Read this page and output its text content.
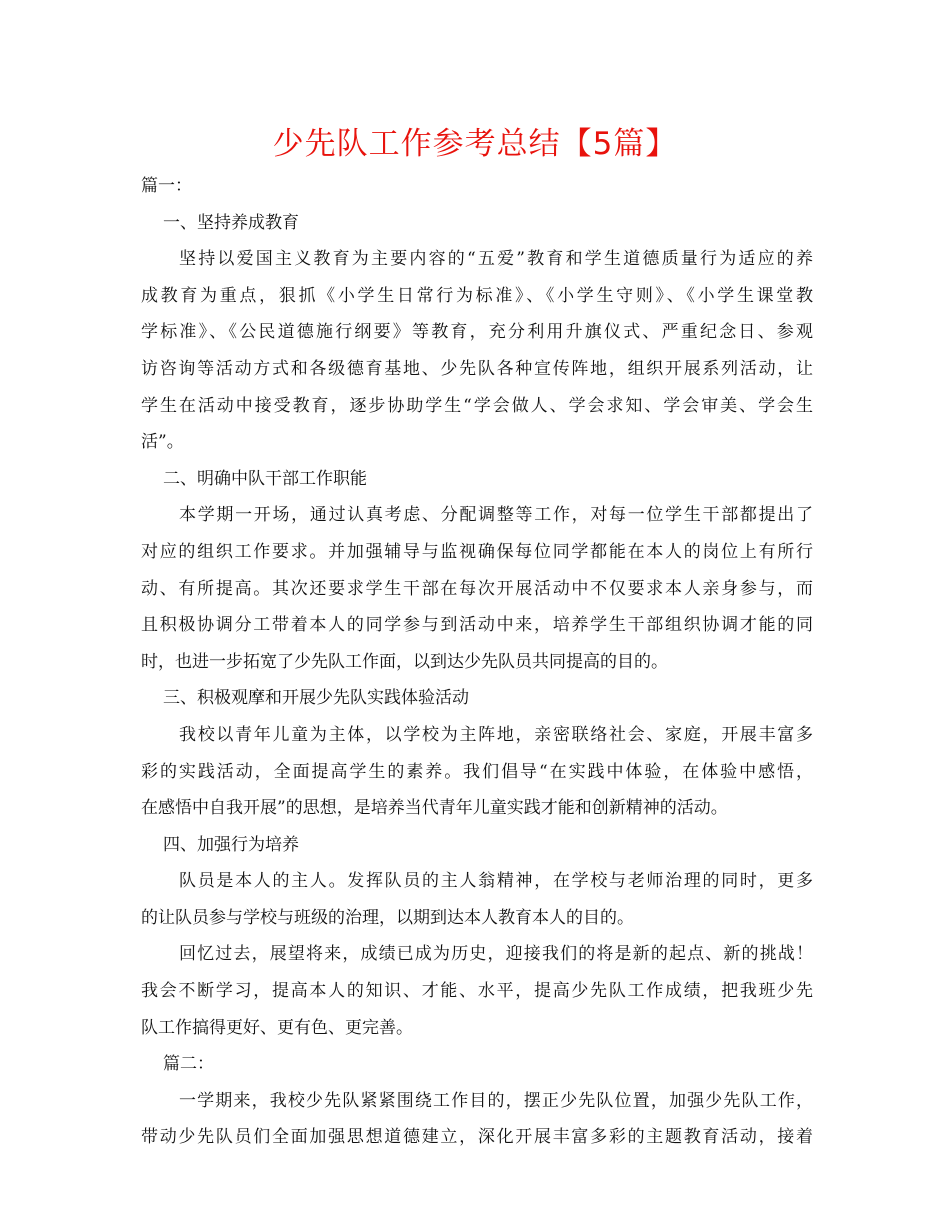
少先队工作参考总结【5篇】

篇一：

一、坚持养成教育

坚持以爱国主义教育为主要内容的“五爱”教育和学生道德质量行为适应的养

成教育为重点，狠抓《小学生日常行为标准》、《小学生守则》、《小学生课堂教

学标准》、《公民道德施行纲要》等教育，充分利用升旗仪式、严重纪念日、参观

访咨询等活动方式和各级德育基地、少先队各种宣传阵地，组织开展系列活动，让

学生在活动中接受教育，逐步协助学生“学会做人、学会求知、学会审美、学会生

活”。

二、明确中队干部工作职能

本学期一开场，通过认真考虑、分配调整等工作，对每一位学生干部都提出了

对应的组织工作要求。并加强辅导与监视确保每位同学都能在本人的岗位上有所行

动、有所提高。其次还要求学生干部在每次开展活动中不仅要求本人亲身参与，而

且积极协调分工带着本人的同学参与到活动中来，培养学生干部组织协调才能的同

时，也进一步拓宽了少先队工作面，以到达少先队员共同提高的目的。

三、积极观摩和开展少先队实践体验活动

我校以青年儿童为主体，以学校为主阵地，亲密联络社会、家庭，开展丰富多

彩的实践活动，全面提高学生的素养。我们倡导“在实践中体验，在体验中感悟，

在感悟中自我开展”的思想，是培养当代青年儿童实践才能和创新精神的活动。

四、加强行为培养

队员是本人的主人。发挥队员的主人翁精神，在学校与老师治理的同时，更多

的让队员参与学校与班级的治理，以期到达本人教育本人的目的。

回忆过去，展望将来，成绩已成为历史，迎接我们的将是新的起点、新的挑战！

我会不断学习，提高本人的知识、才能、水平，提高少先队工作成绩，把我班少先

队工作搞得更好、更有色、更完善。

篇二：

一学期来，我校少先队紧紧围绕工作目的，摆正少先队位置，加强少先队工作，

带动少先队员们全面加强思想道德建立，深化开展丰富多彩的主题教育活动，接着
